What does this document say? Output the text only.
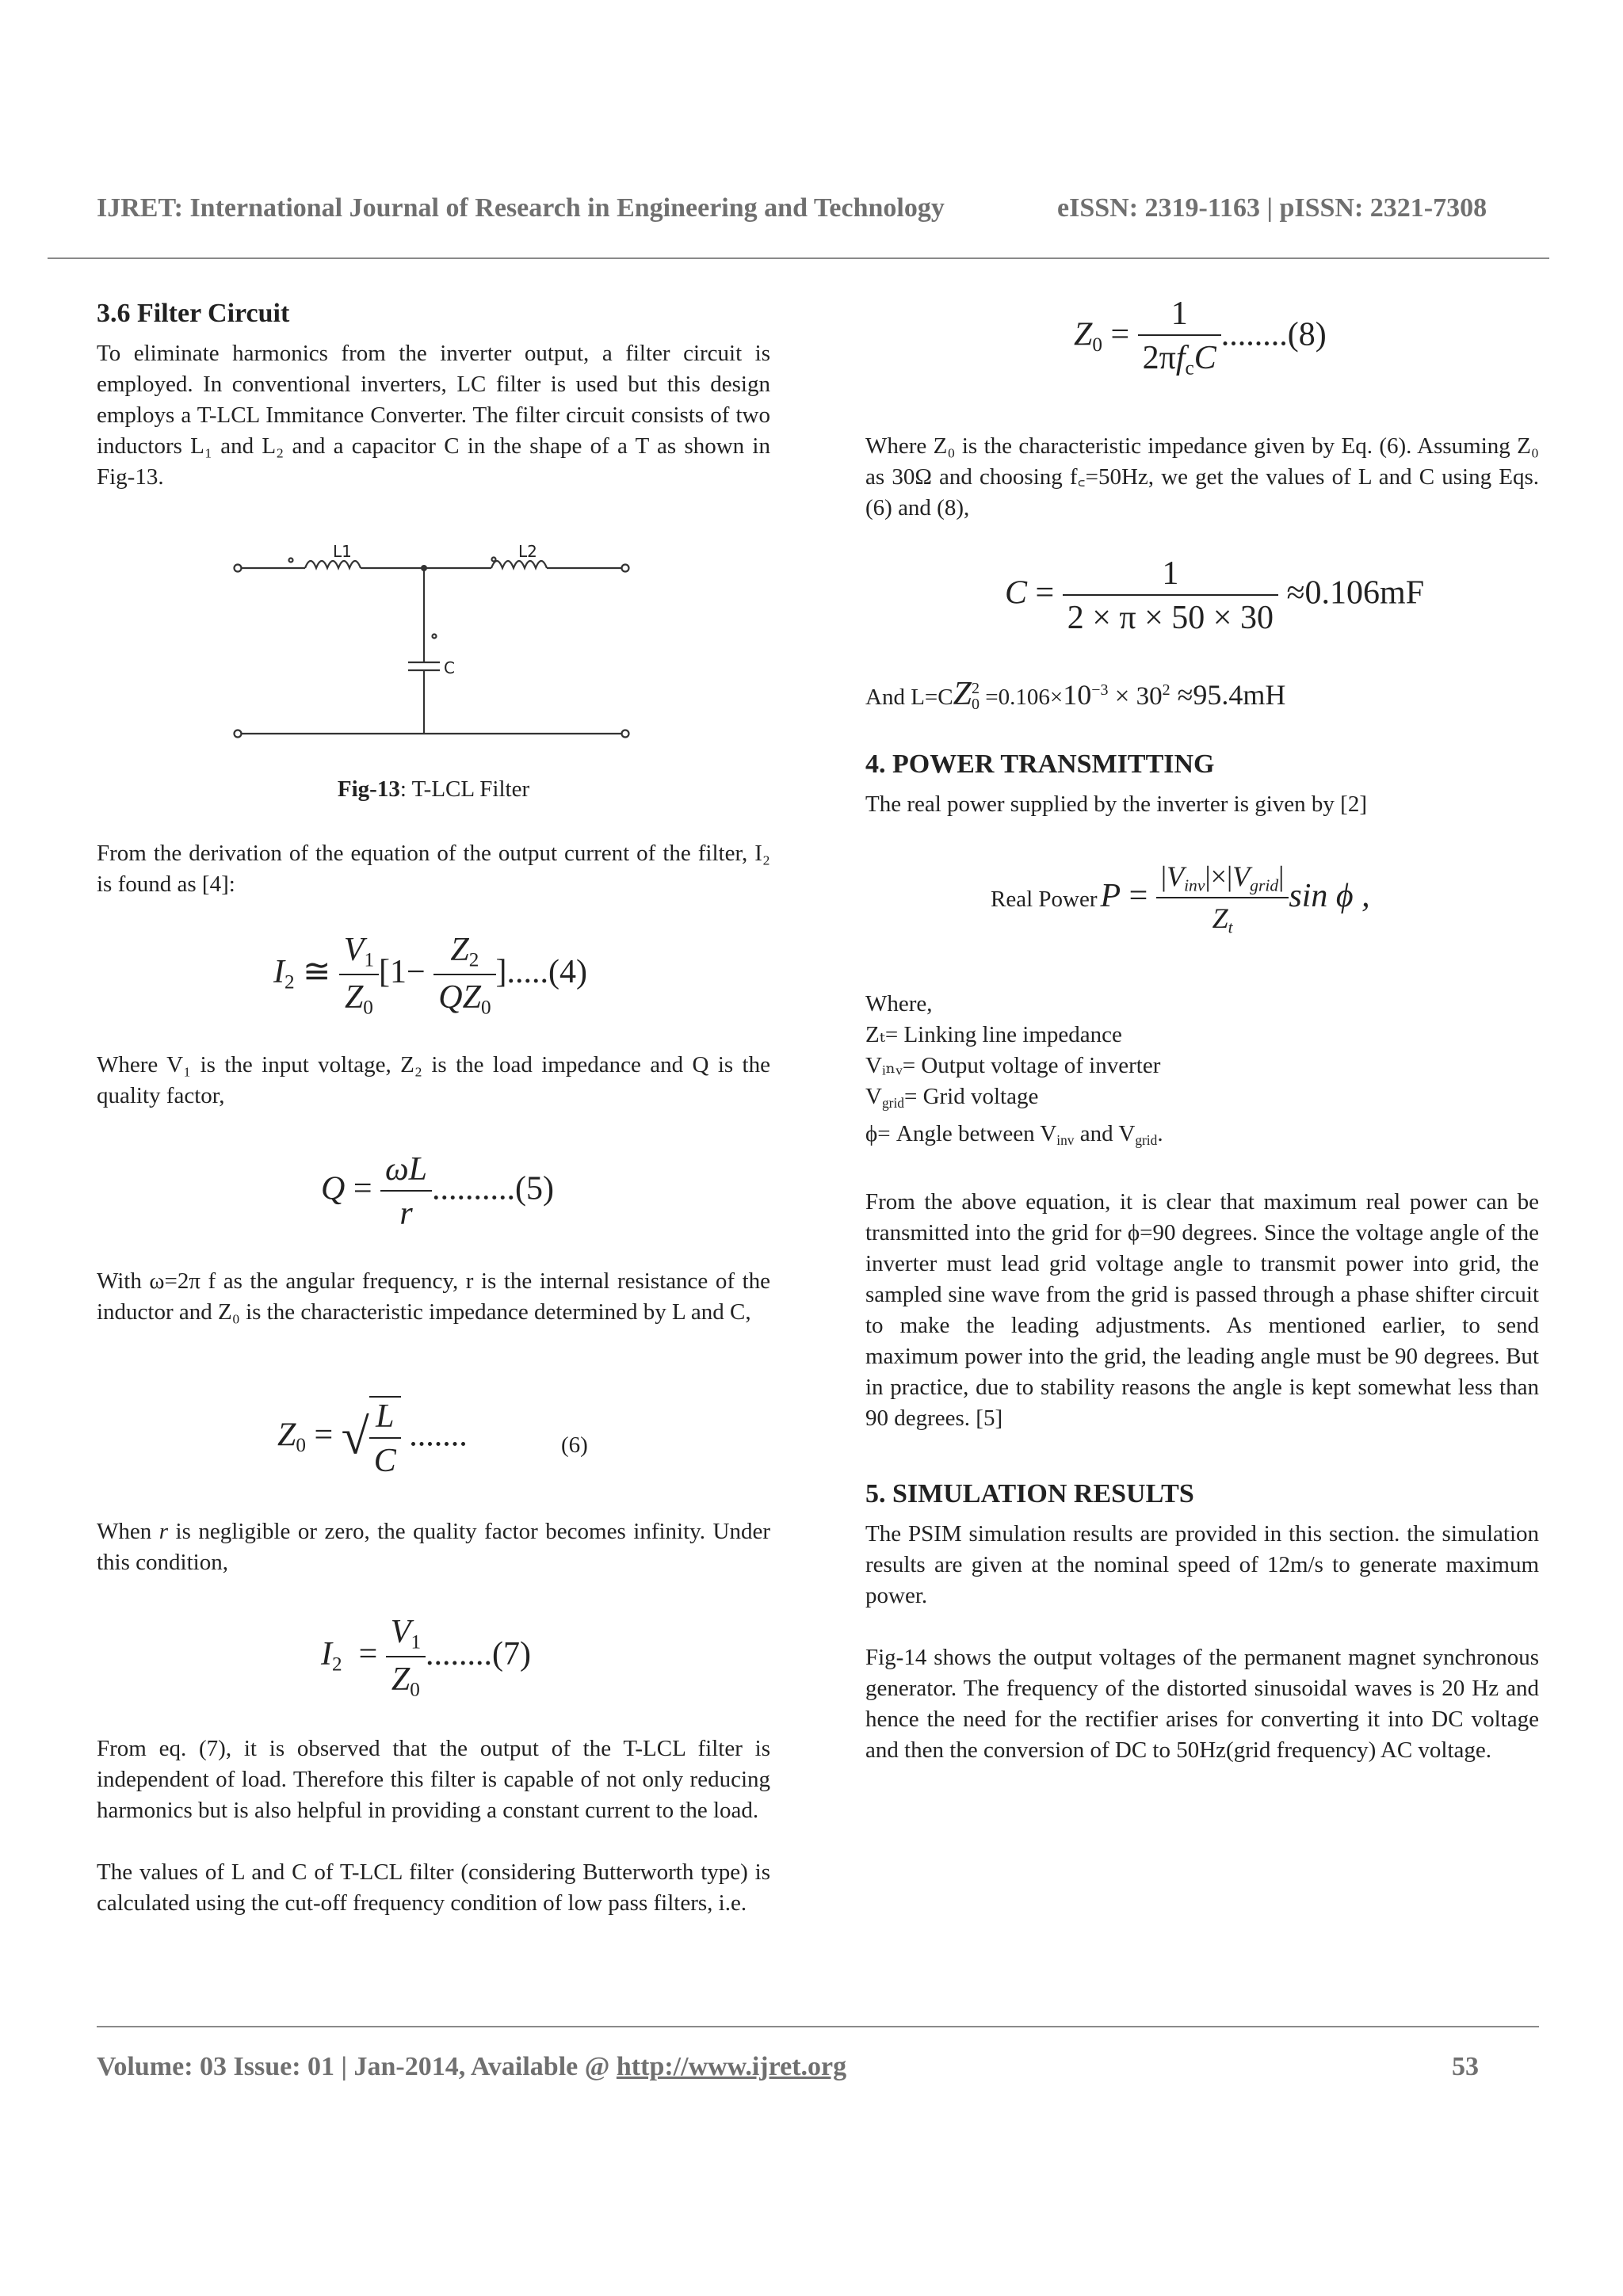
IJRET: International Journal of Research in Engineering and Technology	eISSN: 2319-1163 | pISSN: 2321-7308
3.6 Filter Circuit

To eliminate harmonics from the inverter output, a filter circuit is employed. In conventional inverters, LC filter is used but this design employs a T-LCL Immitance Converter. The filter circuit consists of two inductors L₁ and L₂ and a capacitor C in the shape of a T as shown in Fig-13.

L1	L2
C
Fig-13: T-LCL Filter

From the derivation of the equation of the output current of the filter, I₂ is found as [4]:

$I_2$ ≅ $\frac{V_1}{Z_0} [1- \frac{Z_2}{QZ_0} ].....(4)$

Where V₁ is the input voltage, Z₂ is the load impedance and Q is the quality factor,

$Q = \frac{\omega L}{r} ..........(5)$

With ω=2π f as the angular frequency, r is the internal resistance of the inductor and Z₀ is the characteristic impedance determined by L and C,

$Z_0$ = √ $\frac{L}{C}$ .......	(6)

When r is negligible or zero, the quality factor becomes infinity. Under this condition,

$I_2 = \frac{V_1}{Z_0} ........(7)$

From eq. (7), it is observed that the output of the T-LCL filter is independent of load. Therefore this filter is capable of not only reducing harmonics but is also helpful in providing a constant current to the load.

The values of L and C of T-LCL filter (considering Butterworth type) is calculated using the cut-off frequency condition of low pass filters, i.e.

$Z_0 = \frac{1}{2\pi f_cC} ........(8)$

Where Z₀ is the characteristic impedance given by Eq. (6). Assuming Z₀ as 30Ω and choosing f꜀=50Hz, we get the values of L and C using Eqs. (6) and (8),

$C = \frac{1}{2 \times \pi \times 50 \times 30} \approx 0.106mF$
And L=CZ 2
$0 =0.106\times 10^{-3} \times 30^2 \approx 95.4mH$
4. POWER TRANSMITTING

The real power supplied by the inverter is given by [2]

Real Power $P = \frac{|V_{inv}|\times|V_{grid}|}{Z_t}$ sin ϕ ,

Where,

Zₜ= Linking line impedance

Vᵢₙᵥ= Output voltage of inverter

$V_{grid}=$ Grid voltage

ϕ= Angle between $V_{inv}$ and $V_{grid}$.

From the above equation, it is clear that maximum real power can be transmitted into the grid for ϕ=90 degrees. Since the voltage angle of the inverter must lead grid voltage angle to transmit power into grid, the sampled sine wave from the grid is passed through a phase shifter circuit to make the leading adjustments. As mentioned earlier, to send maximum power into the grid, the leading angle must be 90 degrees. But in practice, due to stability reasons the angle is kept somewhat less than 90 degrees. [5]

5. SIMULATION RESULTS

The PSIM simulation results are provided in this section. the simulation results are given at the nominal speed of 12m/s to generate maximum power.

Fig-14 shows the output voltages of the permanent magnet synchronous generator. The frequency of the distorted sinusoidal waves is 20 Hz and hence the need for the rectifier arises for converting it into DC voltage and then the conversion of DC to 50Hz(grid frequency) AC voltage.

Volume: 03 Issue: 01 | Jan-2014, Available @ http://www.ijret.org	53
